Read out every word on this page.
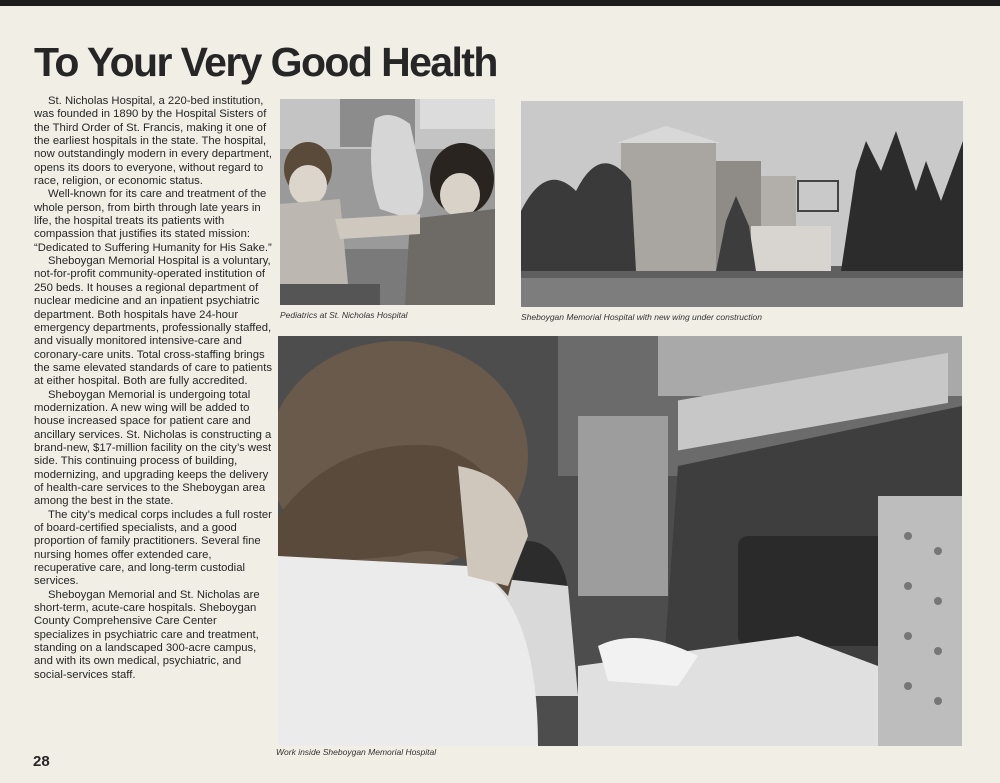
To Your Very Good Health

St. Nicholas Hospital, a 220-bed institution, was founded in 1890 by the Hospital Sisters of the Third Order of St. Francis, making it one of the earliest hospitals in the state. The hospital, now outstandingly modern in every department, opens its doors to everyone, without regard to race, religion, or economic status.

Well-known for its care and treatment of the whole person, from birth through late years in life, the hospital treats its patients with compassion that justifies its stated mission: “Dedicated to Suffering Humanity for His Sake.”

Sheboygan Memorial Hospital is a voluntary, not-for-profit community-operated institution of 250 beds. It houses a regional department of nuclear medicine and an inpatient psychiatric department. Both hospitals have 24-hour emergency departments, professionally staffed, and visually monitored intensive-care and coronary-care units. Total cross-staffing brings the same elevated standards of care to patients at either hospital. Both are fully accredited.

Sheboygan Memorial is undergoing total modernization. A new wing will be added to house increased space for patient care and ancillary services. St. Nicholas is constructing a brand-new, $17-million facility on the city’s west side. This continuing process of building, modernizing, and upgrading keeps the delivery of health-care services to the Sheboygan area among the best in the state.

The city’s medical corps includes a full roster of board-certified specialists, and a good proportion of family practitioners. Several fine nursing homes offer extended care, recuperative care, and long-term custodial services.

Sheboygan Memorial and St. Nicholas are short-term, acute-care hospitals. Sheboygan County Comprehensive Care Center specializes in psychiatric care and treatment, standing on a landscaped 300-acre campus, and with its own medical, psychiatric, and social-services staff.

Pediatrics at St. Nicholas Hospital	Sheboygan Memorial Hospital with new wing under construction
Work inside Sheboygan Memorial Hospital
28
